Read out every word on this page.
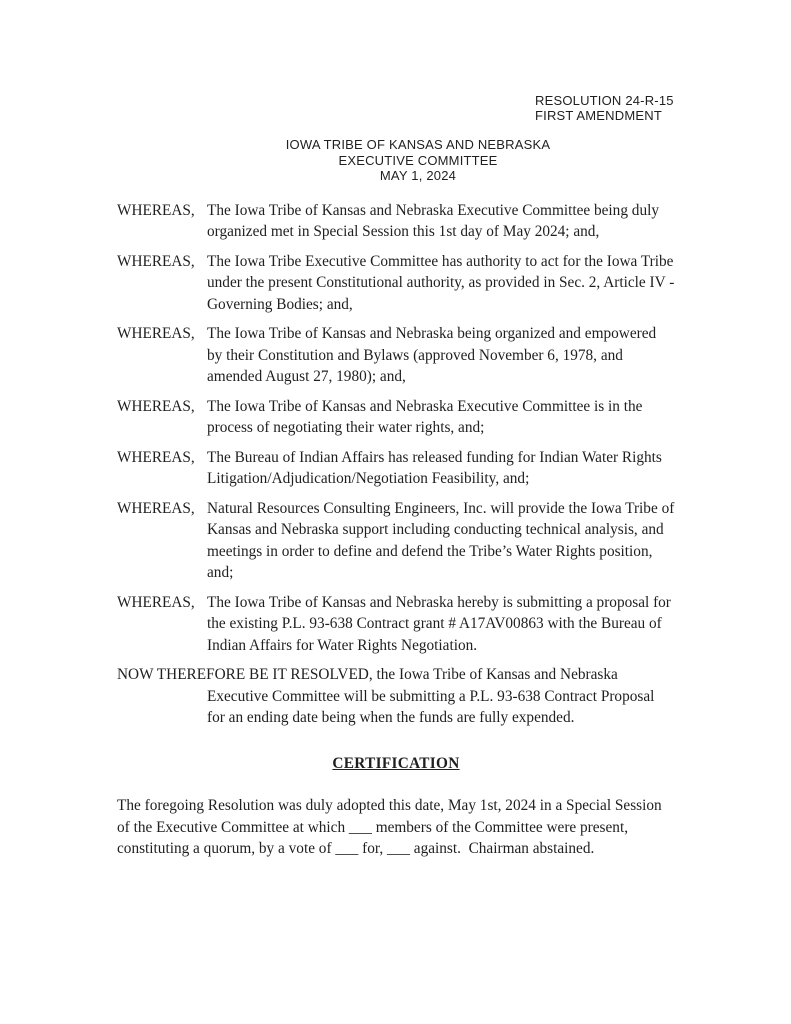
RESOLUTION 24-R-15
FIRST AMENDMENT
IOWA TRIBE OF KANSAS AND NEBRASKA
EXECUTIVE COMMITTEE
MAY 1, 2024
WHEREAS, The Iowa Tribe of Kansas and Nebraska Executive Committee being duly organized met in Special Session this 1st day of May 2024; and,
WHEREAS, The Iowa Tribe Executive Committee has authority to act for the Iowa Tribe under the present Constitutional authority, as provided in Sec. 2, Article IV - Governing Bodies; and,
WHEREAS, The Iowa Tribe of Kansas and Nebraska being organized and empowered by their Constitution and Bylaws (approved November 6, 1978, and amended August 27, 1980); and,
WHEREAS, The Iowa Tribe of Kansas and Nebraska Executive Committee is in the process of negotiating their water rights, and;
WHEREAS, The Bureau of Indian Affairs has released funding for Indian Water Rights Litigation/Adjudication/Negotiation Feasibility, and;
WHEREAS, Natural Resources Consulting Engineers, Inc. will provide the Iowa Tribe of Kansas and Nebraska support including conducting technical analysis, and meetings in order to define and defend the Tribe’s Water Rights position, and;
WHEREAS, The Iowa Tribe of Kansas and Nebraska hereby is submitting a proposal for the existing P.L. 93-638 Contract grant # A17AV00863 with the Bureau of Indian Affairs for Water Rights Negotiation.

NOW THEREFORE BE IT RESOLVED, the Iowa Tribe of Kansas and Nebraska Executive Committee will be submitting a P.L. 93-638 Contract Proposal for an ending date being when the funds are fully expended.

CERTIFICATION
The foregoing Resolution was duly adopted this date, May 1st, 2024 in a Special Session of the Executive Committee at which ___ members of the Committee were present, constituting a quorum, by a vote of ___ for, ___ against.  Chairman abstained.
